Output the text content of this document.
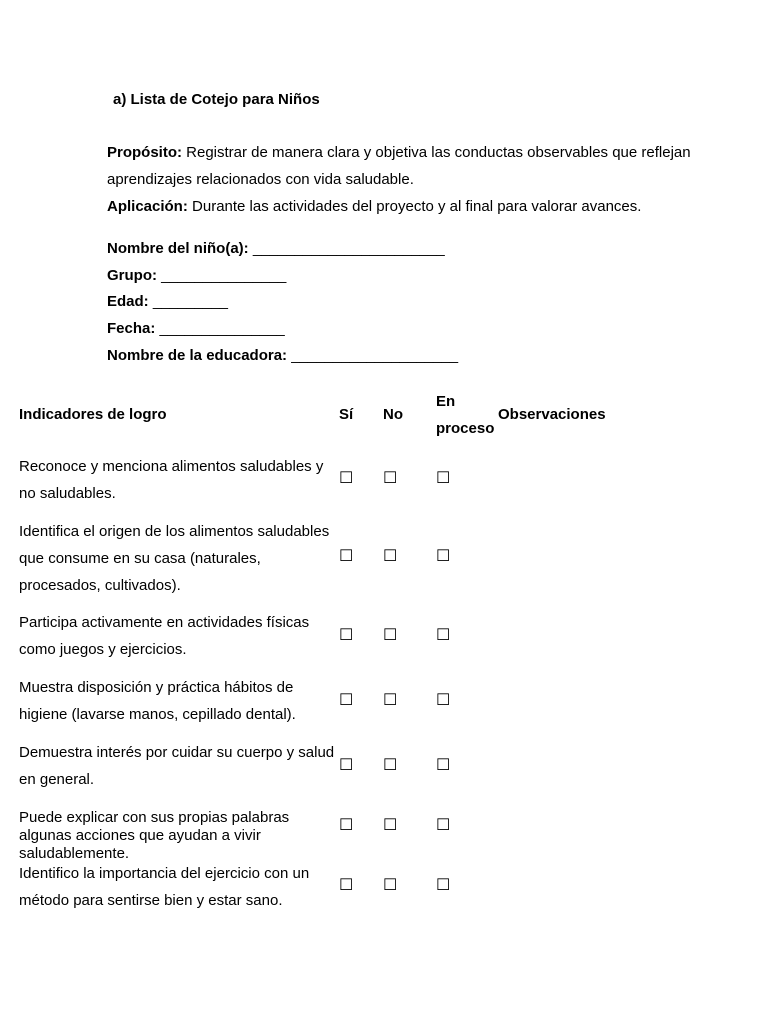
a) Lista de Cotejo para Niños
Propósito: Registrar de manera clara y objetiva las conductas observables que reflejan aprendizajes relacionados con vida saludable.
Aplicación: Durante las actividades del proyecto y al final para valorar avances.
Nombre del niño(a): _______________________
Grupo: _______________
Edad: _________
Fecha: _______________
Nombre de la educadora: ____________________
Indicadores de logro	Sí No
En
proceso
Observaciones
Reconoce y menciona alimentos saludables y no saludables.
☐ ☐ ☐
Identifica el origen de los alimentos saludables que consume en su casa (naturales, procesados, cultivados).
☐ ☐ ☐
Participa activamente en actividades físicas como juegos y ejercicios.
☐ ☐ ☐
Muestra disposición y práctica hábitos de higiene (lavarse manos, cepillado dental).
☐ ☐ ☐
Demuestra interés por cuidar su cuerpo y salud en general.
☐ ☐ ☐
Puede explicar con sus propias palabras algunas acciones que ayudan a vivir saludablemente.
☐ ☐ ☐
Identifico la importancia del ejercicio con un método para sentirse bien y estar sano.
☐ ☐ ☐
